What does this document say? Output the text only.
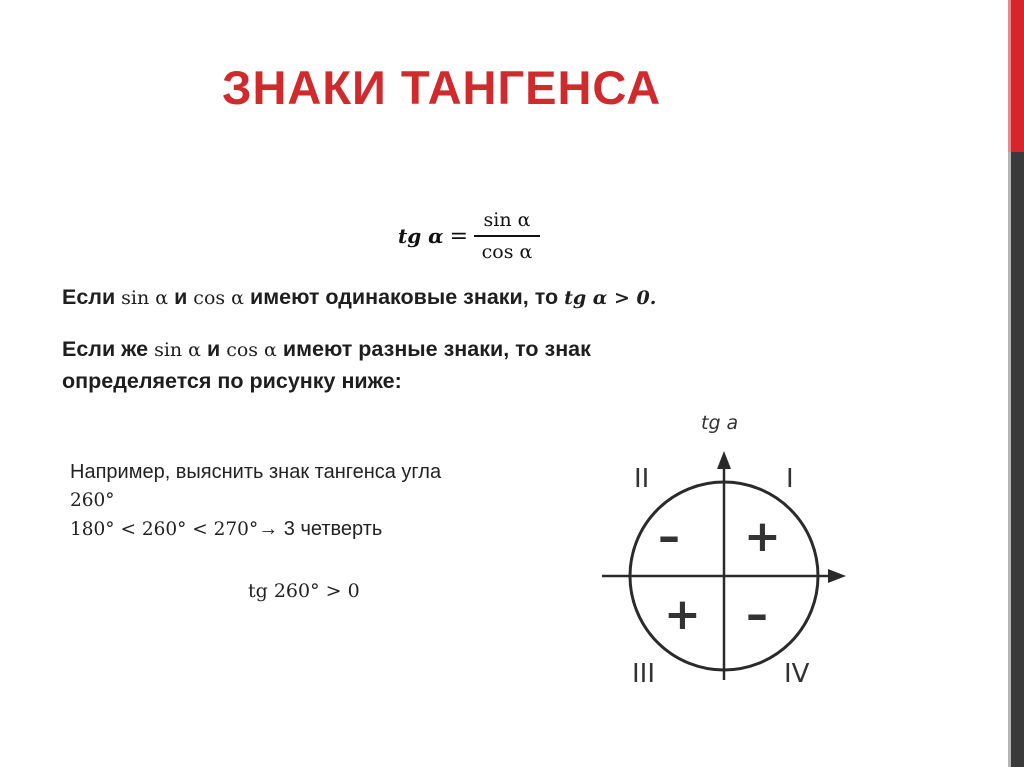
ЗНАКИ ТАНГЕНСА
tg $\alpha = \frac{\text{sin α}}{\text{cos α}}$

Если sin α и cos α имеют одинаковые знаки, то tg α > 0.

Если же sin α и cos α имеют разные знаки, то знак
определяется по рисунку ниже:

Например, выяснить знак тангенса угла
260°
180° < 260° < 270°→ 3 четверть

tg 260° > 0

tg a
I
II
III	IV
+
–
+ –
